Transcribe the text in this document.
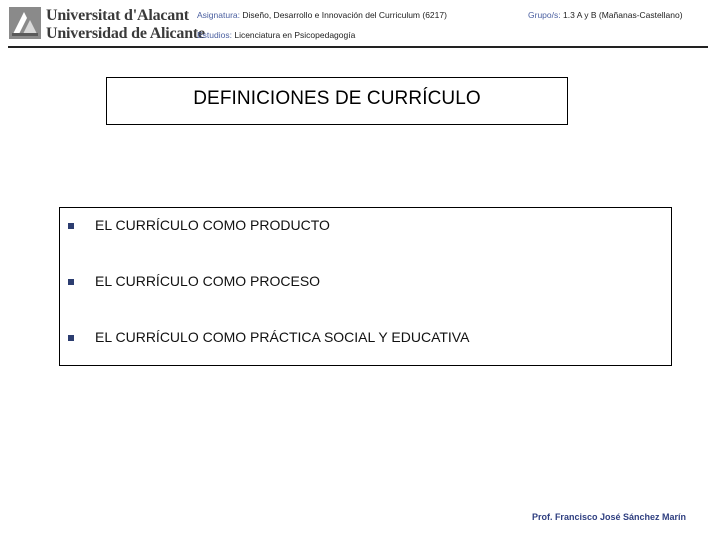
Universitat d'Alacant
Universidad de Alicante
Asignatura: Diseño, Desarrollo e Innovación del Curriculum (6217)	Grupo/s: 1.3 A y B (Mañanas-Castellano)
Estudios: Licenciatura en Psicopedagogía
DEFINICIONES DE CURRÍCULO
EL CURRÍCULO COMO PRODUCTO
EL CURRÍCULO COMO PROCESO
EL CURRÍCULO COMO PRÁCTICA SOCIAL Y EDUCATIVA
Prof. Francisco José Sánchez Marín
